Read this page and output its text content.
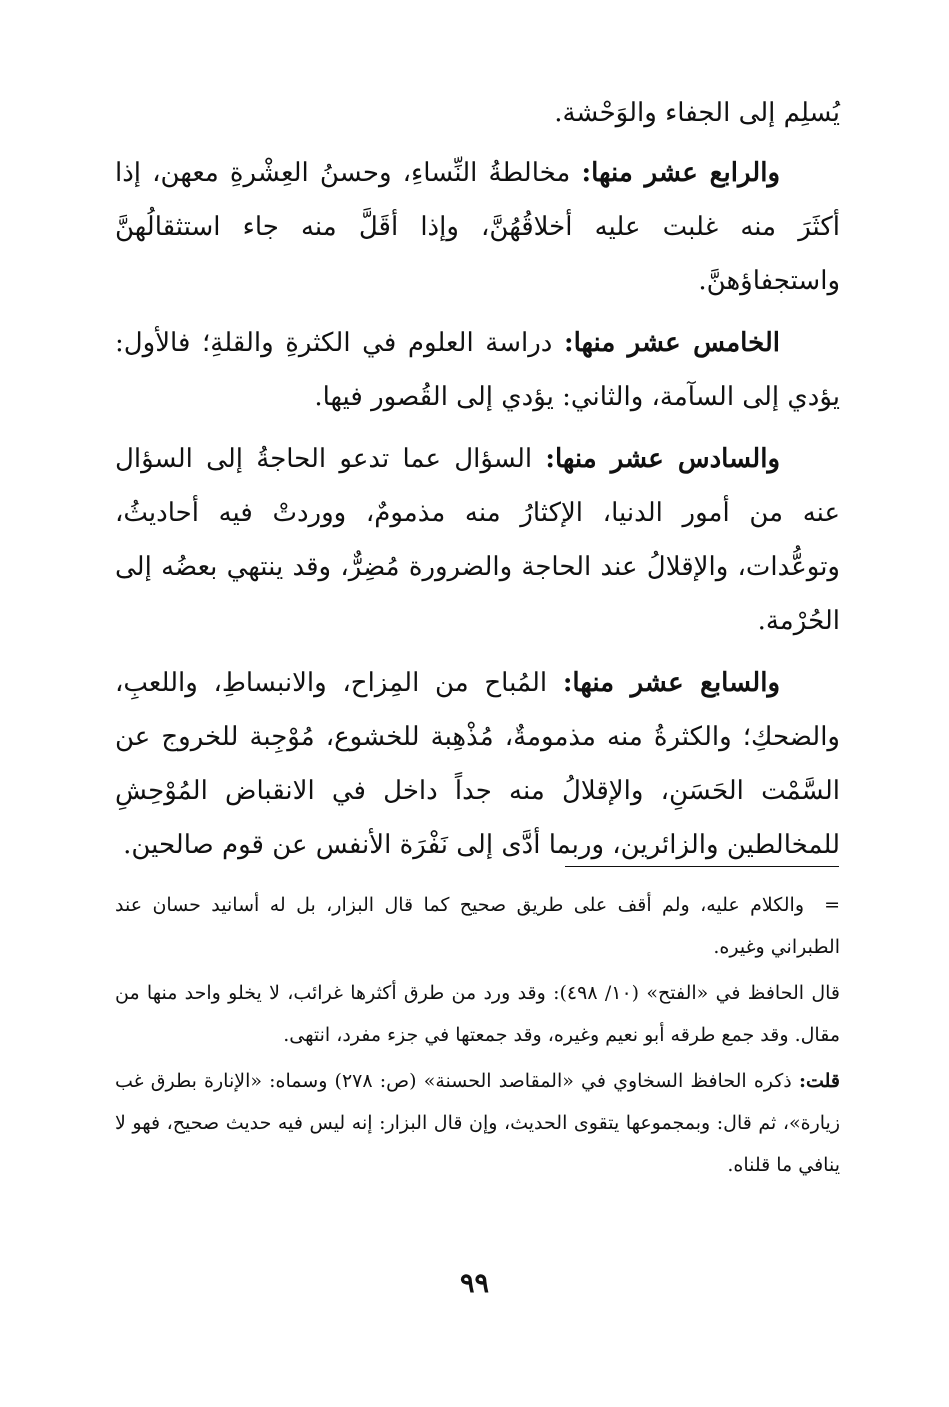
يُسلِم إلى الجفاء والوَحْشة.

والرابع عشر منها: مخالطةُ النِّساءِ، وحسنُ العِشْرةِ معهن، إذا أكثَرَ منه غلبت عليه أخلاقُهُنَّ، وإذا أقَلَّ منه جاء استثقالُهنَّ واستجفاؤهنَّ.

الخامس عشر منها: دراسة العلوم في الكثرةِ والقلةِ؛ فالأول: يؤدي إلى السآمة، والثاني: يؤدي إلى القُصور فيها.

والسادس عشر منها: السؤال عما تدعو الحاجةُ إلى السؤال عنه من أمور الدنيا، الإكثارُ منه مذمومٌ، ووردتْ فيه أحاديثُ، وتوعُّدات، والإقلالُ عند الحاجة والضرورة مُضِرٌّ، وقد ينتهي بعضُه إلى الحُرْمة.

والسابع عشر منها: المُباح من المِزاح، والانبساطِ، واللعبِ، والضحكِ؛ والكثرةُ منه مذمومةٌ، مُذْهِبة للخشوع، مُوْجِبة للخروج عن السَّمْت الحَسَنِ، والإقلالُ منه جداً داخل في الانقباض المُوْحِشِ للمخالطين والزائرين، وربما أدَّى إلى نَفْرَة الأنفس عن قوم صالحين.

=والكلام عليه، ولم أقف على طريق صحيح كما قال البزار، بل له أسانيد حسان عند الطبراني وغيره.

قال الحافظ في «الفتح» (١٠/ ٤٩٨): وقد ورد من طرق أكثرها غرائب، لا يخلو واحد منها من مقال. وقد جمع طرقه أبو نعيم وغيره، وقد جمعتها في جزء مفرد، انتهى.

قلت: ذكره الحافظ السخاوي في «المقاصد الحسنة» (ص: ٢٧٨) وسماه: «الإنارة بطرق غب زيارة»، ثم قال: وبمجموعها يتقوى الحديث، وإن قال البزار: إنه ليس فيه حديث صحيح، فهو لا ينافي ما قلناه.

٩٩
